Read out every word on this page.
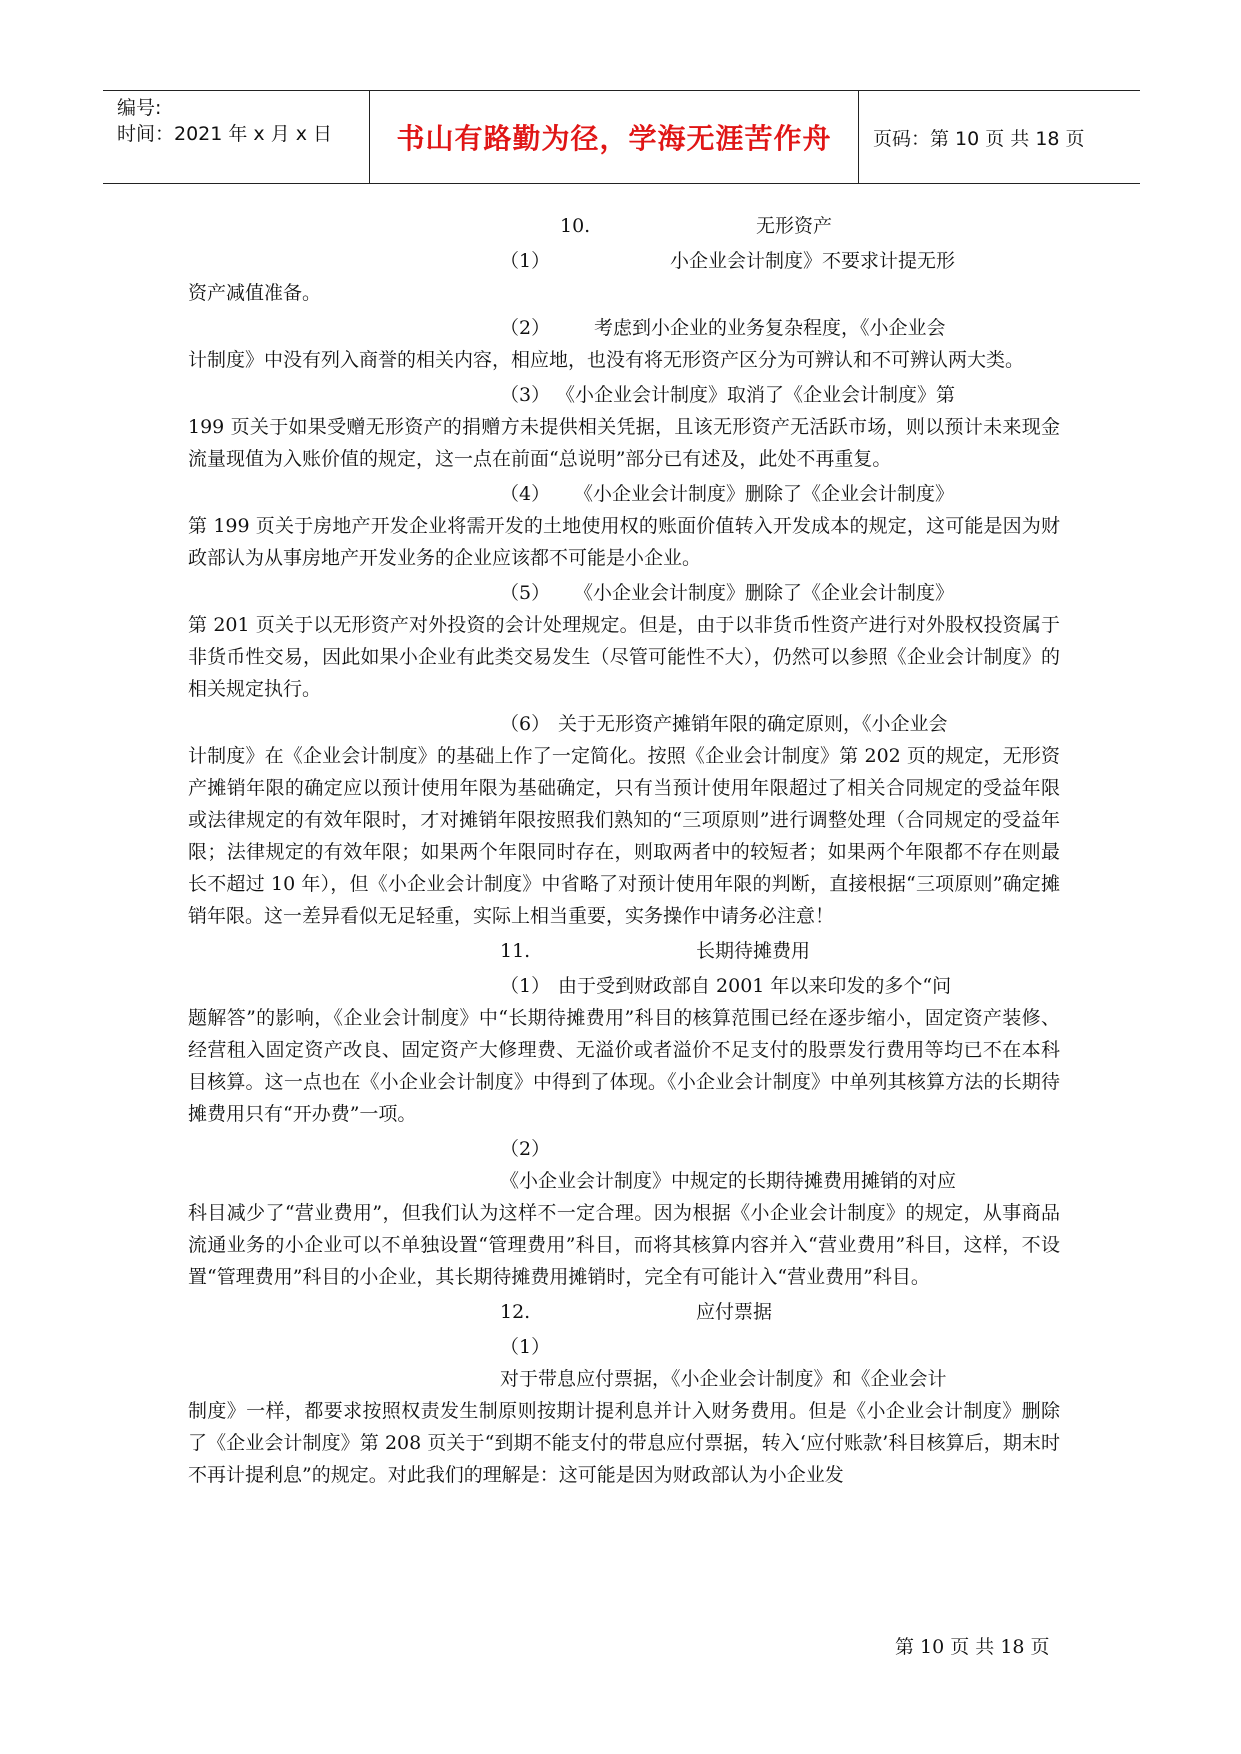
编号:
时间：2021 年 x 月 x 日	书山有路勤为径，学海无涯苦作舟	页码：第 10 页 共 18 页

10.	无形资产

（1）	小企业会计制度》不要求计提无形
资产减值准备。

（2） 考虑到小企业的业务复杂程度，《小企业会
计制度》中没有列入商誉的相关内容，相应地，也没有将无形资产区分为可辨认和不可辨认两大类。

（3） 《小企业会计制度》取消了《企业会计制度》第
199 页关于如果受赠无形资产的捐赠方未提供相关凭据，且该无形资产无活跃市场，则以预计未来现金流量现值为入账价值的规定，这一点在前面“总说明”部分已有述及，此处不再重复。

（4） 《小企业会计制度》删除了《企业会计制度》
第 199 页关于房地产开发企业将需开发的土地使用权的账面价值转入开发成本的规定，这可能是因为财政部认为从事房地产开发业务的企业应该都不可能是小企业。

（5） 《小企业会计制度》删除了《企业会计制度》
第 201 页关于以无形资产对外投资的会计处理规定。但是，由于以非货币性资产进行对外股权投资属于非货币性交易，因此如果小企业有此类交易发生（尽管可能性不大），仍然可以参照《企业会计制度》的相关规定执行。

（6） 关于无形资产摊销年限的确定原则，《小企业会
计制度》在《企业会计制度》的基础上作了一定简化。按照《企业会计制度》第 202 页的规定，无形资产摊销年限的确定应以预计使用年限为基础确定，只有当预计使用年限超过了相关合同规定的受益年限或法律规定的有效年限时，才对摊销年限按照我们熟知的“三项原则”进行调整处理（合同规定的受益年限；法律规定的有效年限；如果两个年限同时存在，则取两者中的较短者；如果两个年限都不存在则最长不超过 10 年），但《小企业会计制度》中省略了对预计使用年限的判断，直接根据“三项原则”确定摊销年限。这一差异看似无足轻重，实际上相当重要，实务操作中请务必注意！

11.	长期待摊费用

（1） 由于受到财政部自 2001 年以来印发的多个“问
题解答”的影响，《企业会计制度》中“长期待摊费用”科目的核算范围已经在逐步缩小，固定资产装修、经营租入固定资产改良、固定资产大修理费、无溢价或者溢价不足支付的股票发行费用等均已不在本科目核算。这一点也在《小企业会计制度》中得到了体现。《小企业会计制度》中单列其核算方法的长期待摊费用只有“开办费”一项。

（2）
《小企业会计制度》中规定的长期待摊费用摊销的对应
科目减少了“营业费用”，但我们认为这样不一定合理。因为根据《小企业会计制度》的规定，从事商品流通业务的小企业可以不单独设置“管理费用”科目，而将其核算内容并入“营业费用”科目，这样，不设置“管理费用”科目的小企业，其长期待摊费用摊销时，完全有可能计入“营业费用”科目。

12.	应付票据

（1）
对于带息应付票据，《小企业会计制度》和《企业会计
制度》一样，都要求按照权责发生制原则按期计提利息并计入财务费用。但是《小企业会计制度》删除了《企业会计制度》第 208 页关于“到期不能支付的带息应付票据，转入‘应付账款’科目核算后，期末时不再计提利息”的规定。对此我们的理解是：这可能是因为财政部认为小企业发

第 10 页 共 18 页
